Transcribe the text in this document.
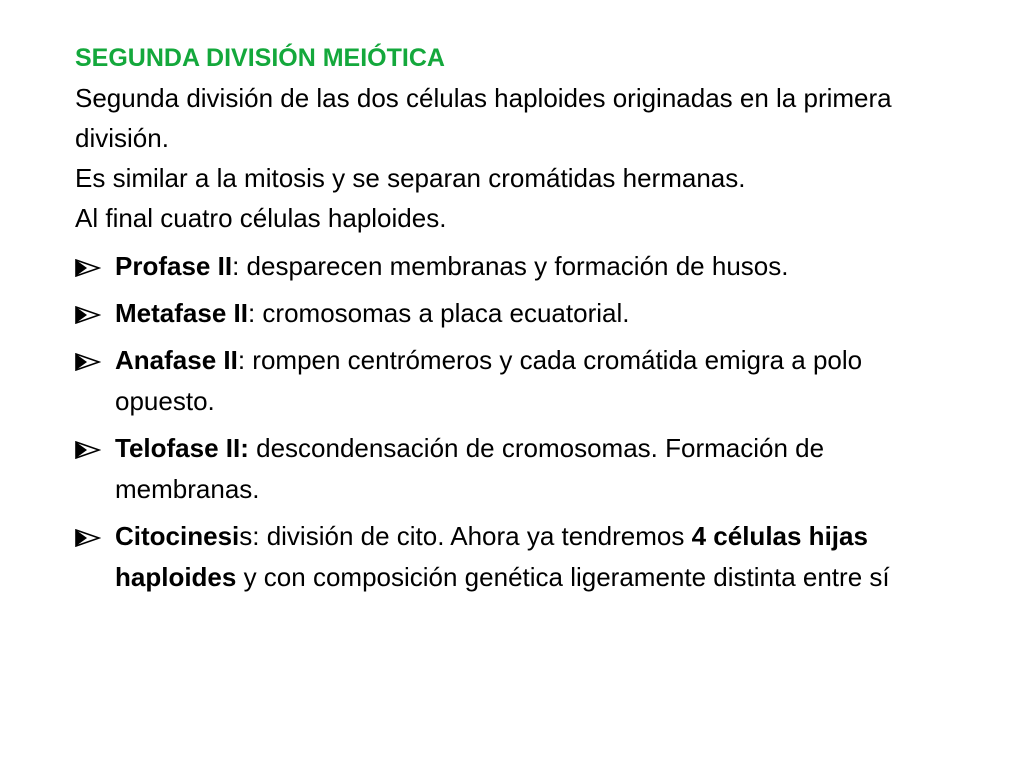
SEGUNDA DIVISIÓN MEIÓTICA

Segunda división de las dos células haploides originadas en la primera división.

Es similar a la mitosis y se separan cromátidas hermanas.

Al final cuatro células haploides.

Profase II: desparecen membranas y formación de husos.
Metafase II: cromosomas a placa ecuatorial.
Anafase II: rompen centrómeros y cada cromátida emigra a polo opuesto.
Telofase II: descondensación de cromosomas. Formación de membranas.
Citocinesis: división de cito. Ahora ya tendremos 4 células hijas haploides y con composición genética ligeramente distinta entre sí
